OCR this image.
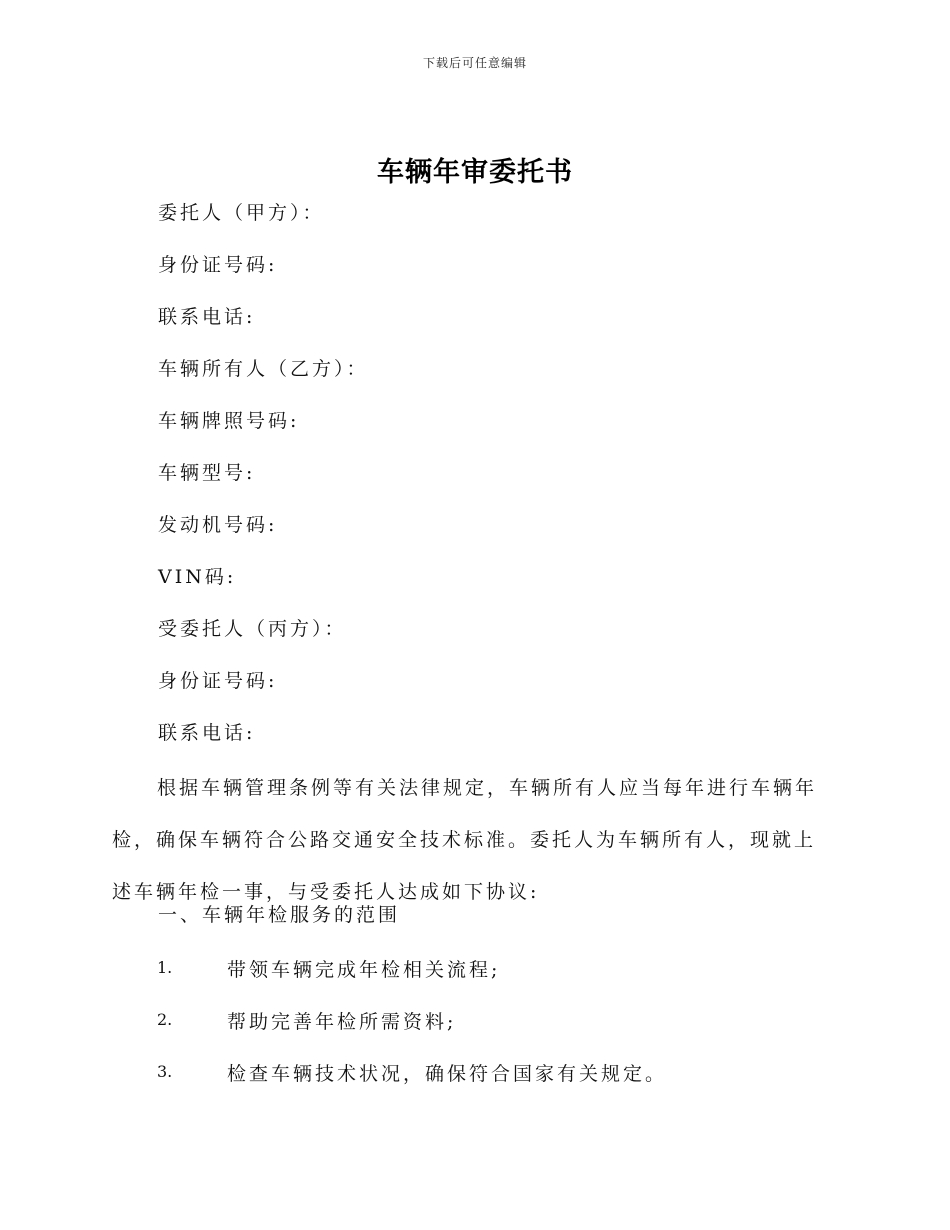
下载后可任意编辑
车辆年审委托书
委托人（甲方）：
身份证号码:
联系电话:
车辆所有人（乙方）：
车辆牌照号码:
车辆型号:
发动机号码:
VIN码:
受委托人（丙方）：
身份证号码:
联系电话:

根据车辆管理条例等有关法律规定，车辆所有人应当每年进行车辆年检，确保车辆符合公路交通安全技术标准。委托人为车辆所有人，现就上述车辆年检一事，与受委托人达成如下协议:

一、车辆年检服务的范围
1.	带领车辆完成年检相关流程;
2.	帮助完善年检所需资料;
3.	检查车辆技术状况，确保符合国家有关规定。
